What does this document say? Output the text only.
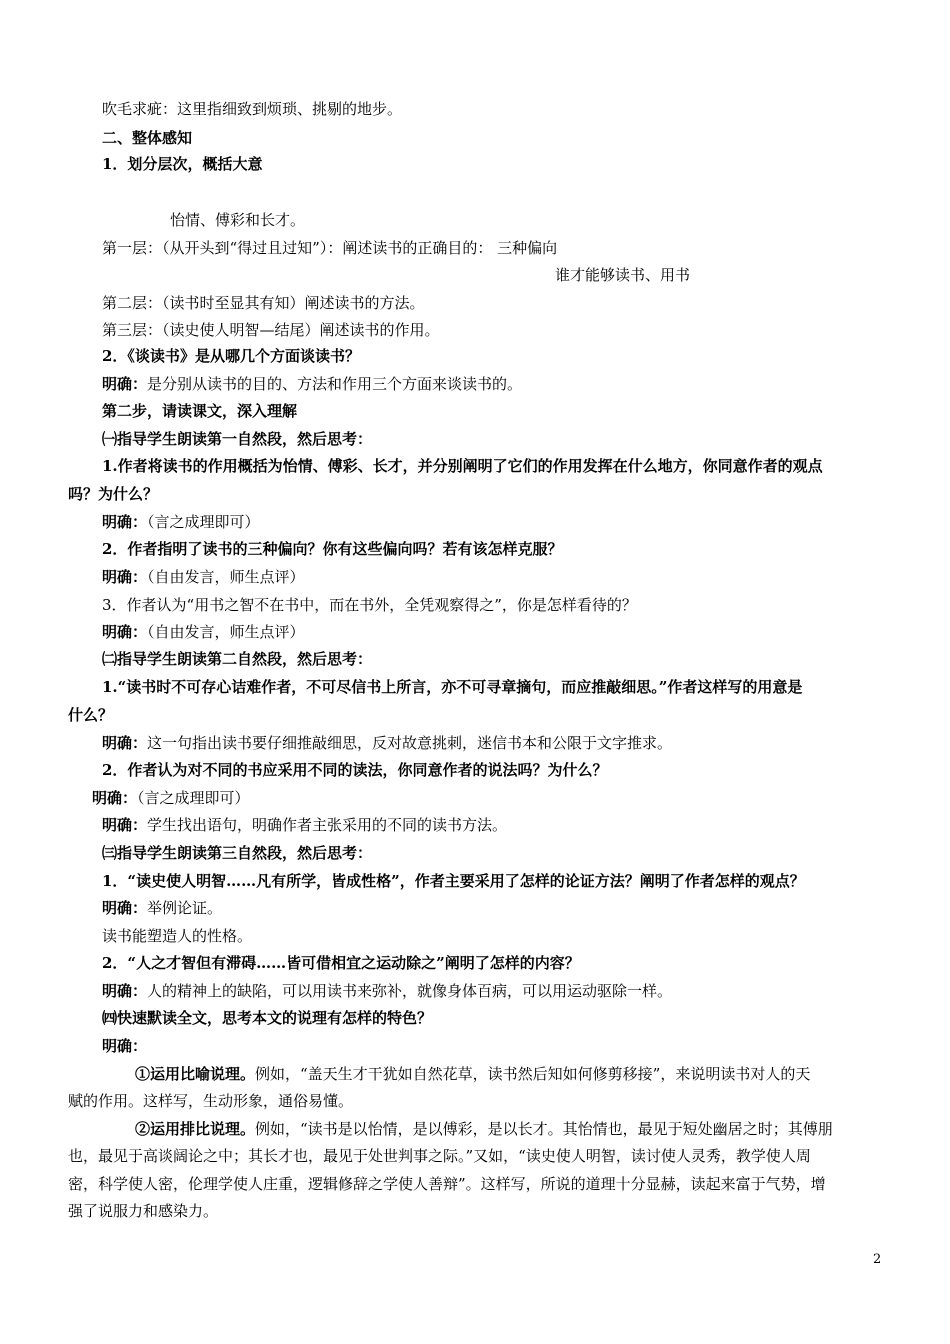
吹毛求疵：这里指细致到烦琐、挑剔的地步。
二、整体感知
1．划分层次，概括大意
怡情、傅彩和长才。
第一层：（从开头到“得过且过知”）：阐述读书的正确目的： 三种偏向
谁才能够读书、用书
第二层：（读书时至显其有知）阐述读书的方法。
第三层：（读史使人明智—结尾）阐述读书的作用。
2．《谈读书》是从哪几个方面谈读书？
明确：是分别从读书的目的、方法和作用三个方面来谈读书的。
第二步，请读课文，深入理解
㈠指导学生朗读第一自然段，然后思考：
1.作者将读书的作用概括为怡情、傅彩、长才，并分别阐明了它们的作用发挥在什么地方，你同意作者的观点
吗？为什么？
明确：（言之成理即可）
2．作者指明了读书的三种偏向？你有这些偏向吗？若有该怎样克服？
明确：（自由发言，师生点评）
3．作者认为“用书之智不在书中，而在书外，全凭观察得之”，你是怎样看待的？
明确：（自由发言，师生点评）
㈡指导学生朗读第二自然段，然后思考：
1.“读书时不可存心诘难作者，不可尽信书上所言，亦不可寻章摘句，而应推敲细思。”作者这样写的用意是
什么？
明确：这一句指出读书要仔细推敲细思，反对故意挑刺，迷信书本和公限于文字推求。
2．作者认为对不同的书应采用不同的读法，你同意作者的说法吗？为什么？
明确：（言之成理即可）
明确：学生找出语句，明确作者主张采用的不同的读书方法。
㈢指导学生朗读第三自然段，然后思考：
1．“读史使人明智……凡有所学，皆成性格”，作者主要采用了怎样的论证方法？阐明了作者怎样的观点？
明确：举例论证。
读书能塑造人的性格。
2．“人之才智但有滞碍……皆可借相宜之运动除之”阐明了怎样的内容？
明确：人的精神上的缺陷，可以用读书来弥补，就像身体百病，可以用运动驱除一样。
㈣快速默读全文，思考本文的说理有怎样的特色？
明确：
①运用比喻说理。例如，“盖天生才干犹如自然花草，读书然后知如何修剪移接”，来说明读书对人的天
赋的作用。这样写，生动形象，通俗易懂。
②运用排比说理。例如，“读书是以怡情，是以傅彩，是以长才。其怡情也，最见于短处幽居之时；其傅朋
也，最见于高谈阔论之中；其长才也，最见于处世判事之际。”又如，“读史使人明智，读讨使人灵秀，教学使人周
密，科学使人密，伦理学使人庄重，逻辑修辞之学使人善辩”。这样写，所说的道理十分显赫，读起来富于气势，增
强了说服力和感染力。
2
